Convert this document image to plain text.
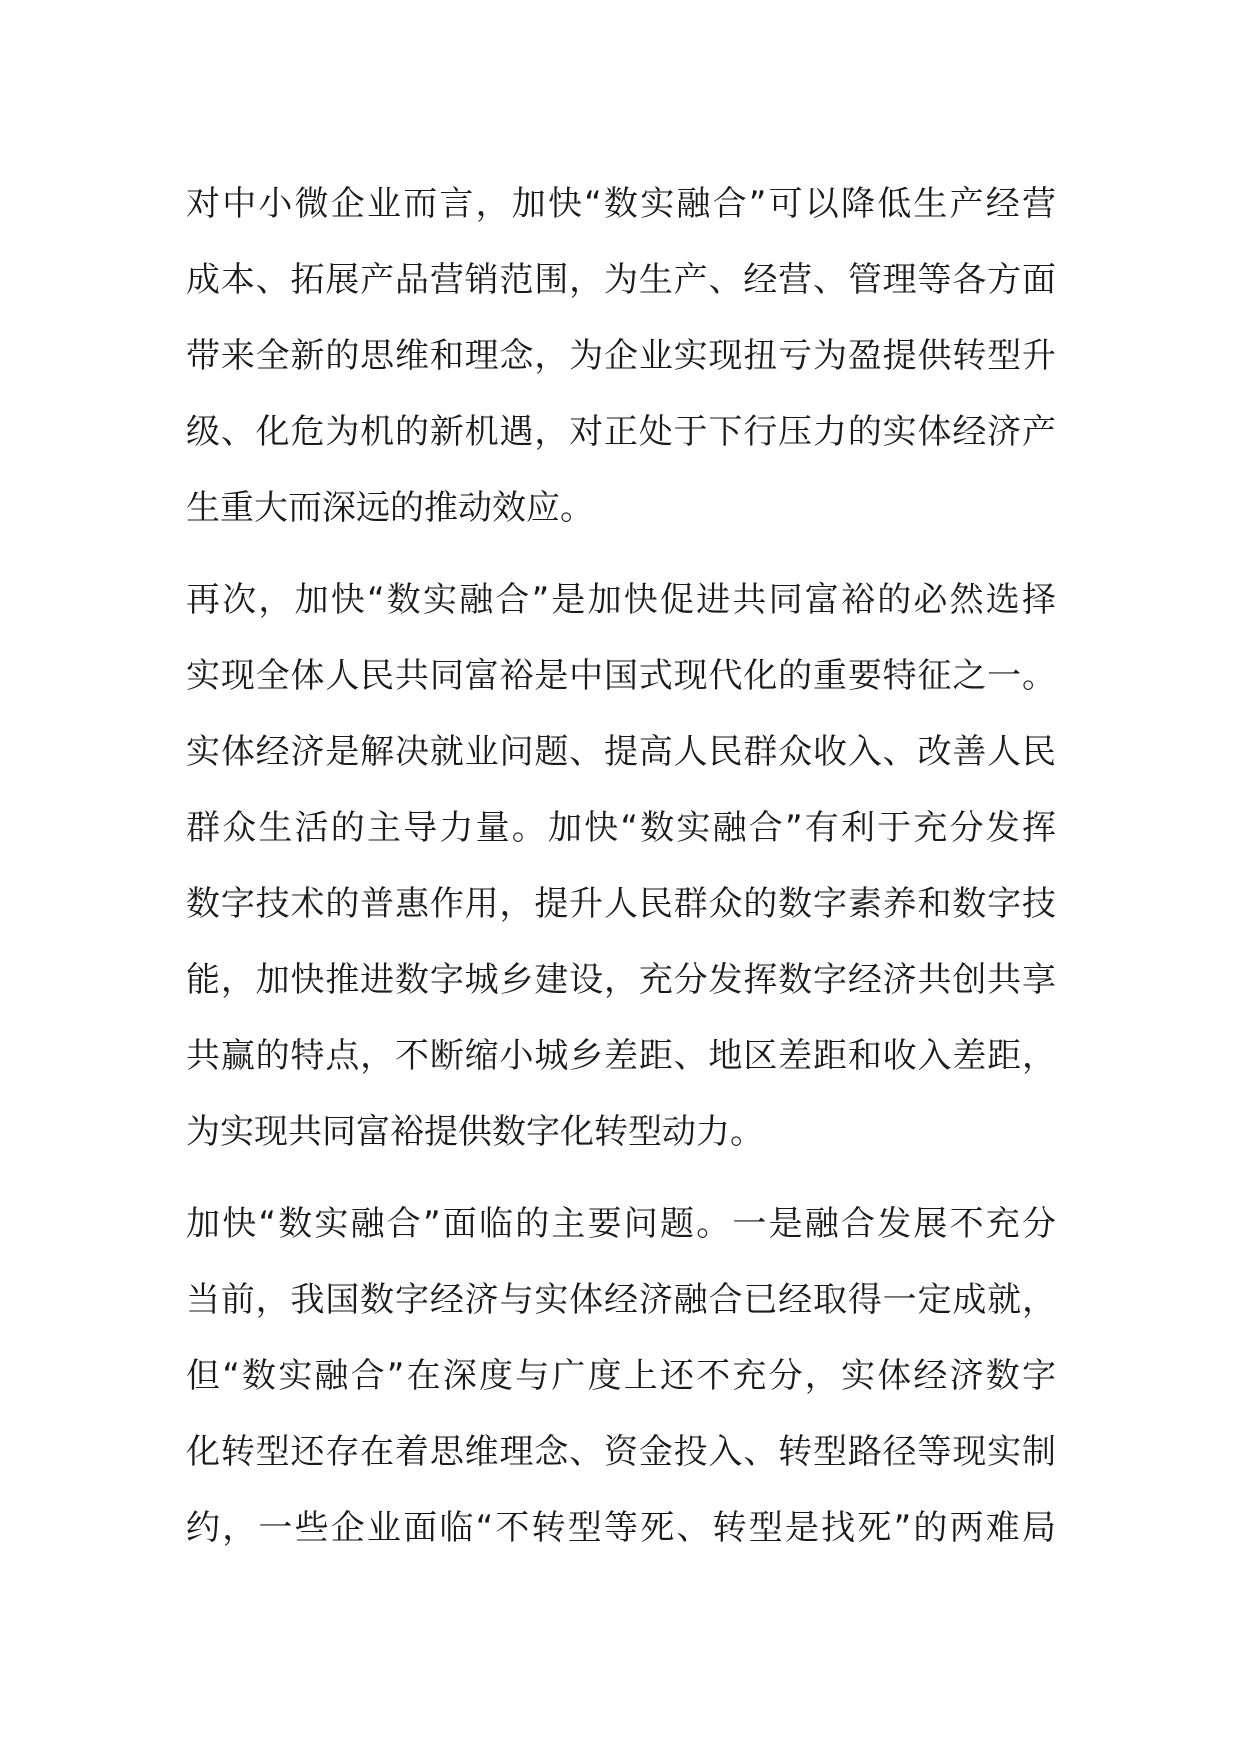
对中小微企业而言，加快“数实融合”可以降低生产经营
成本、拓展产品营销范围，为生产、经营、管理等各方面
带来全新的思维和理念，为企业实现扭亏为盈提供转型升
级、化危为机的新机遇，对正处于下行压力的实体经济产
生重大而深远的推动效应。
再次，加快“数实融合”是加快促进共同富裕的必然选择
实现全体人民共同富裕是中国式现代化的重要特征之一。
实体经济是解决就业问题、提高人民群众收入、改善人民
群众生活的主导力量。加快“数实融合”有利于充分发挥
数字技术的普惠作用，提升人民群众的数字素养和数字技
能，加快推进数字城乡建设，充分发挥数字经济共创共享
共赢的特点，不断缩小城乡差距、地区差距和收入差距，
为实现共同富裕提供数字化转型动力。
加快“数实融合”面临的主要问题。一是融合发展不充分
当前，我国数字经济与实体经济融合已经取得一定成就，
但“数实融合”在深度与广度上还不充分，实体经济数字
化转型还存在着思维理念、资金投入、转型路径等现实制
约，一些企业面临“不转型等死、转型是找死”的两难局
